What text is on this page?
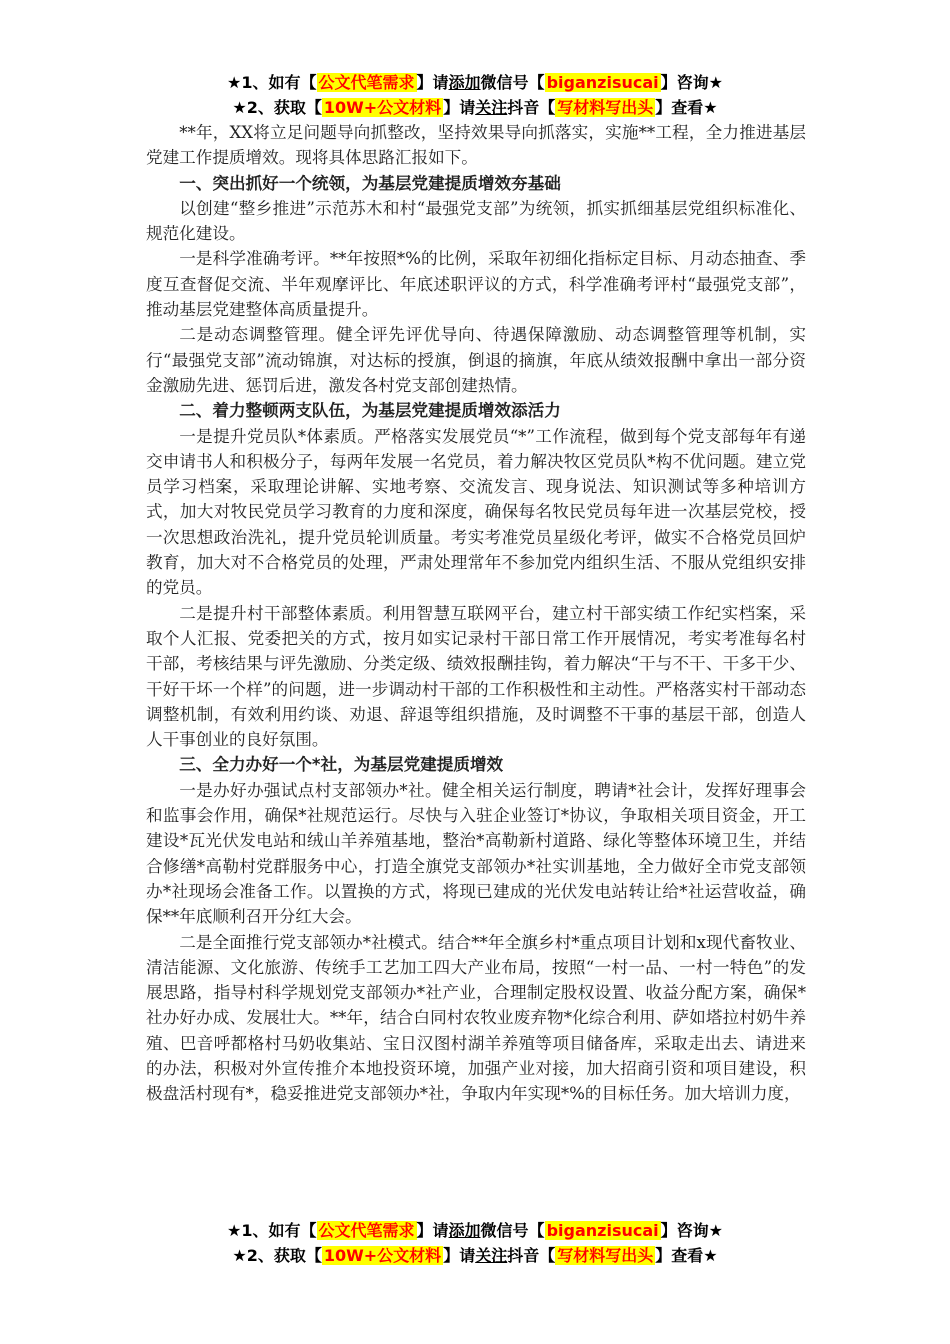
★1、如有【 公文代笔需求 】请添加微信号【 biganzisucai 】咨询★
★2、获取【 10W+公文材料 】请关注抖音【 写材料写出头 】查看★

**年，XX将立足问题导向抓整改，坚持效果导向抓落实，实施**工程，全力推进基层党建工作提质增效。现将具体思路汇报如下。

一、突出抓好一个统领，为基层党建提质增效夯基础

以创建“整乡推进”示范苏木和村“最强党支部”为统领，抓实抓细基层党组织标准化、规范化建设。

一是科学准确考评。**年按照*%的比例，采取年初细化指标定目标、月动态抽查、季度互查督促交流、半年观摩评比、年底述职评议的方式，科学准确考评村“最强党支部”，推动基层党建整体高质量提升。

二是动态调整管理。健全评先评优导向、待遇保障激励、动态调整管理等机制，实行“最强党支部”流动锦旗，对达标的授旗，倒退的摘旗，年底从绩效报酬中拿出一部分资金激励先进、惩罚后进，激发各村党支部创建热情。

二、着力整顿两支队伍，为基层党建提质增效添活力

一是提升党员队*体素质。严格落实发展党员“*”工作流程，做到每个党支部每年有递交申请书人和积极分子，每两年发展一名党员，着力解决牧区党员队*构不优问题。建立党员学习档案，采取理论讲解、实地考察、交流发言、现身说法、知识测试等多种培训方式，加大对牧民党员学习教育的力度和深度，确保每名牧民党员每年进一次基层党校，授一次思想政治洗礼，提升党员轮训质量。考实考准党员星级化考评，做实不合格党员回炉教育，加大对不合格党员的处理，严肃处理常年不参加党内组织生活、不服从党组织安排的党员。

二是提升村干部整体素质。利用智慧互联网平台，建立村干部实绩工作纪实档案，采取个人汇报、党委把关的方式，按月如实记录村干部日常工作开展情况，考实考准每名村干部，考核结果与评先激励、分类定级、绩效报酬挂钩，着力解决“干与不干、干多干少、干好干坏一个样”的问题，进一步调动村干部的工作积极性和主动性。严格落实村干部动态调整机制，有效利用约谈、劝退、辞退等组织措施，及时调整不干事的基层干部，创造人人干事创业的良好氛围。

三、全力办好一个*社，为基层党建提质增效

一是办好办强试点村支部领办*社。健全相关运行制度，聘请*社会计，发挥好理事会和监事会作用，确保*社规范运行。尽快与入驻企业签订*协议，争取相关项目资金，开工建设*瓦光伏发电站和绒山羊养殖基地，整治*高勒新村道路、绿化等整体环境卫生，并结合修缮*高勒村党群服务中心，打造全旗党支部领办*社实训基地，全力做好全市党支部领办*社现场会准备工作。以置换的方式，将现已建成的光伏发电站转让给*社运营收益，确保**年底顺利召开分红大会。

二是全面推行党支部领办*社模式。结合**年全旗乡村*重点项目计划和x现代畜牧业、清洁能源、文化旅游、传统手工艺加工四大产业布局，按照“一村一品、一村一特色”的发展思路，指导村科学规划党支部领办*社产业，合理制定股权设置、收益分配方案，确保*社办好办成、发展壮大。**年，结合白同村农牧业废弃物*化综合利用、萨如塔拉村奶牛养殖、巴音呼都格村马奶收集站、宝日汉图村湖羊养殖等项目储备库，采取走出去、请进来的办法，积极对外宣传推介本地投资环境，加强产业对接，加大招商引资和项目建设，积极盘活村现有*，稳妥推进党支部领办*社，争取内年实现*%的目标任务。加大培训力度，

★1、如有【 公文代笔需求 】请添加微信号【 biganzisucai 】咨询★
★2、获取【 10W+公文材料 】请关注抖音【 写材料写出头 】查看★
